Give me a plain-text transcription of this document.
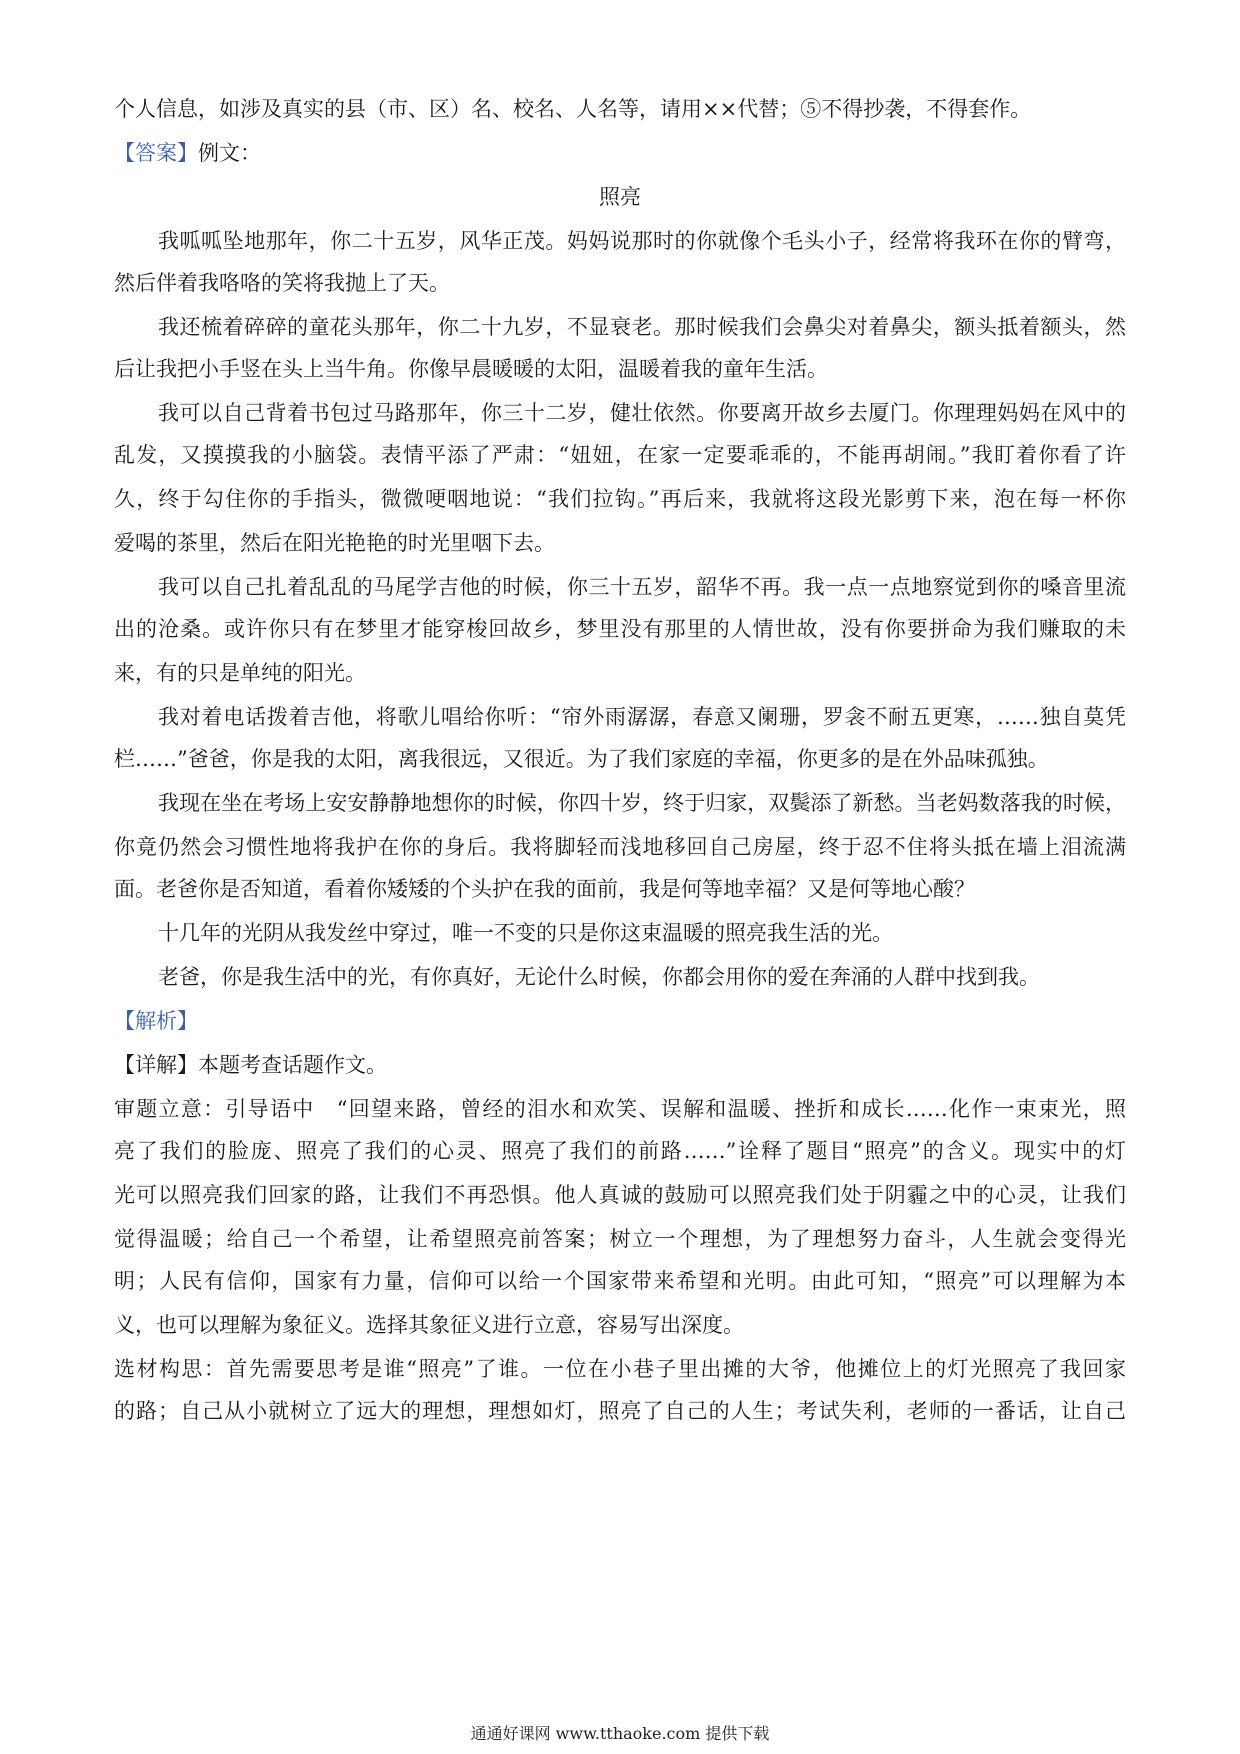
个人信息，如涉及真实的县（市、区）名、校名、人名等，请用××代替；⑤不得抄袭，不得套作。
【答案】例文：
照亮
我呱呱坠地那年，你二十五岁，风华正茂。妈妈说那时的你就像个毛头小子，经常将我环在你的臂弯，
然后伴着我咯咯的笑将我抛上了天。
我还梳着碎碎的童花头那年，你二十九岁，不显衰老。那时候我们会鼻尖对着鼻尖，额头抵着额头，然
后让我把小手竖在头上当牛角。你像早晨暖暖的太阳，温暖着我的童年生活。
我可以自己背着书包过马路那年，你三十二岁，健壮依然。你要离开故乡去厦门。你理理妈妈在风中的
乱发，又摸摸我的小脑袋。表情平添了严肃：“妞妞，在家一定要乖乖的，不能再胡闹。”我盯着你看了许
久，终于勾住你的手指头，微微哽咽地说：“我们拉钩。”再后来，我就将这段光影剪下来，泡在每一杯你
爱喝的茶里，然后在阳光艳艳的时光里咽下去。
我可以自己扎着乱乱的马尾学吉他的时候，你三十五岁，韶华不再。我一点一点地察觉到你的嗓音里流
出的沧桑。或许你只有在梦里才能穿梭回故乡，梦里没有那里的人情世故，没有你要拼命为我们赚取的未
来，有的只是单纯的阳光。
我对着电话拨着吉他，将歌儿唱给你听：“帘外雨潺潺，春意又阑珊，罗衾不耐五更寒，……独自莫凭
栏……”爸爸，你是我的太阳，离我很远，又很近。为了我们家庭的幸福，你更多的是在外品味孤独。
我现在坐在考场上安安静静地想你的时候，你四十岁，终于归家，双鬓添了新愁。当老妈数落我的时候，
你竟仍然会习惯性地将我护在你的身后。我将脚轻而浅地移回自己房屋，终于忍不住将头抵在墙上泪流满
面。老爸你是否知道，看着你矮矮的个头护在我的面前，我是何等地幸福？又是何等地心酸？
十几年的光阴从我发丝中穿过，唯一不变的只是你这束温暖的照亮我生活的光。
老爸，你是我生活中的光，有你真好，无论什么时候，你都会用你的爱在奔涌的人群中找到我。
【解析】
【详解】本题考查话题作文。
审题立意：引导语中　“回望来路，曾经的泪水和欢笑、误解和温暖、挫折和成长……化作一束束光，照
亮了我们的脸庞、照亮了我们的心灵、照亮了我们的前路……”诠释了题目“照亮”的含义。现实中的灯
光可以照亮我们回家的路，让我们不再恐惧。他人真诚的鼓励可以照亮我们处于阴霾之中的心灵，让我们
觉得温暖；给自己一个希望，让希望照亮前答案；树立一个理想，为了理想努力奋斗，人生就会变得光
明；人民有信仰，国家有力量，信仰可以给一个国家带来希望和光明。由此可知，“照亮”可以理解为本
义，也可以理解为象征义。选择其象征义进行立意，容易写出深度。
选材构思：首先需要思考是谁“照亮”了谁。一位在小巷子里出摊的大爷，他摊位上的灯光照亮了我回家
的路；自己从小就树立了远大的理想，理想如灯，照亮了自己的人生；考试失利，老师的一番话，让自己
通通好课网 www.tthaoke.com 提供下载
